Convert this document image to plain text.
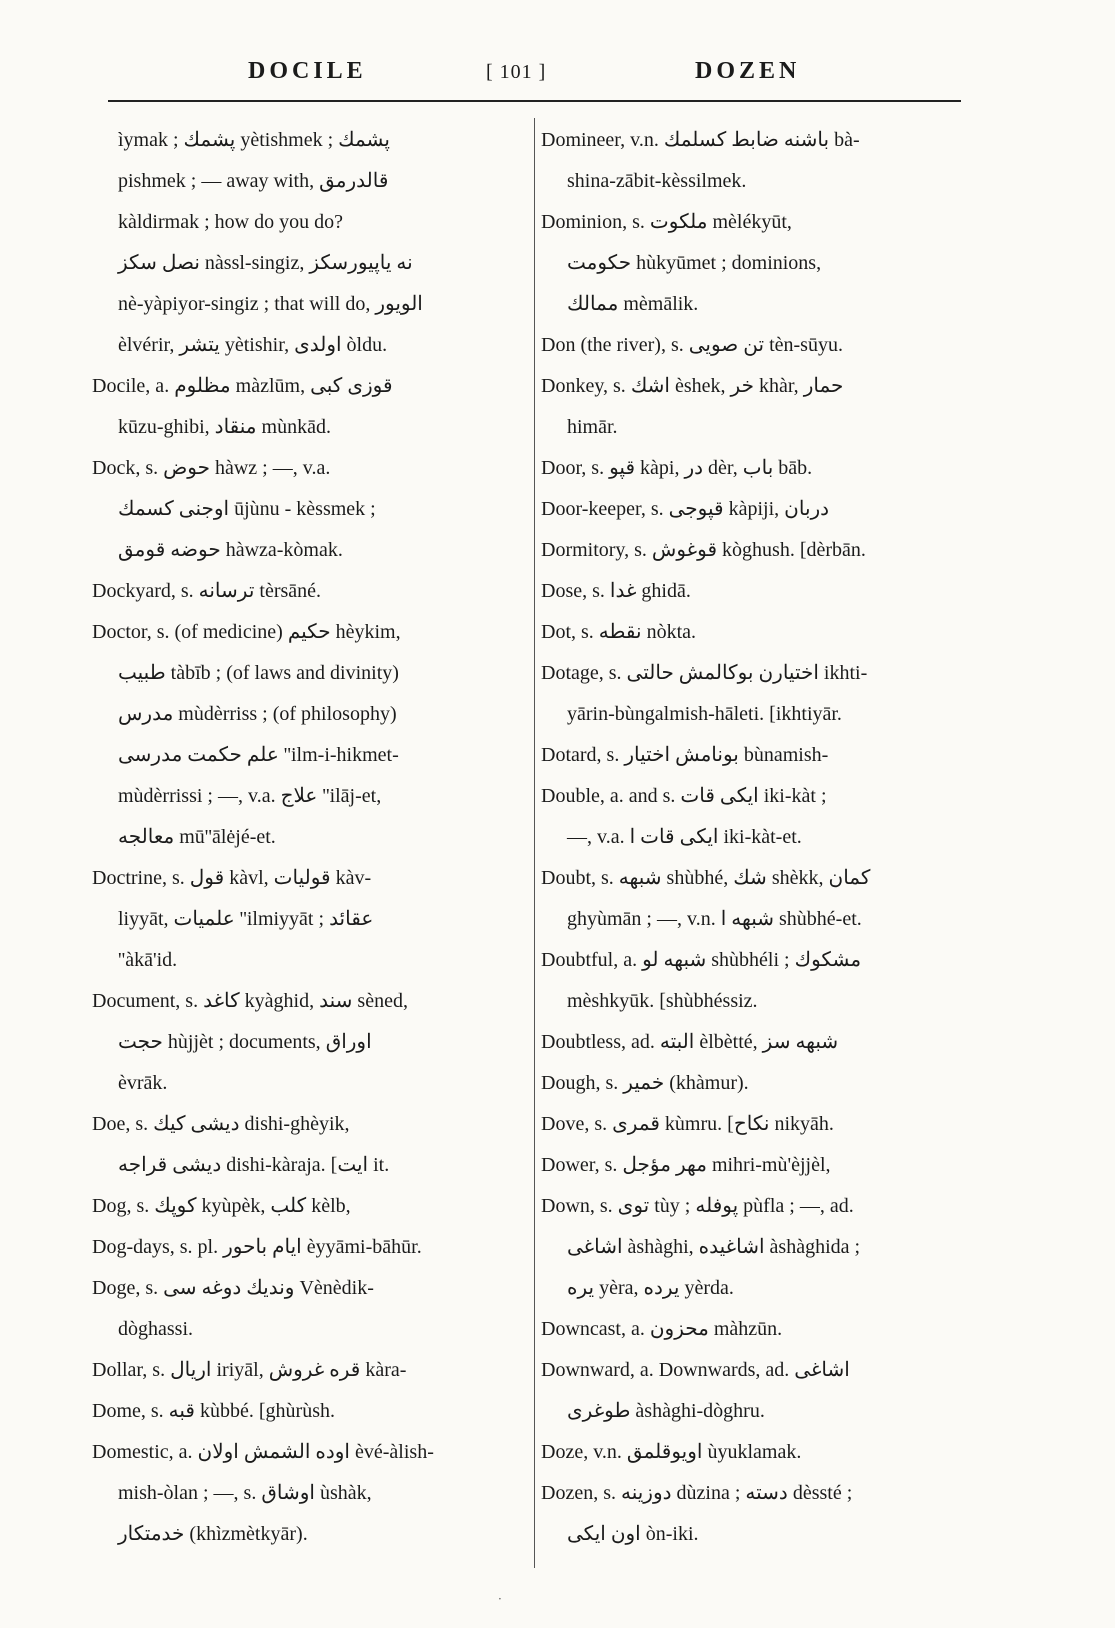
DOCILE	[ 101 ]	DOZEN
ìymak ; پشمك yètishmek ; پشمك
pishmek ; — away with, قالدرمق
kàldirmak ; how do you do?
نصل سكز nàssl-singiz, نه یاپیورسکز
nè-yàpiyor-singiz ; that will do, الويور
èlvérir, یتشر yètishir, اولدی òldu.
Docile, a. مظلوم màzlūm, قوزی کبی
kūzu-ghibi, منقاد mùnkād.
Dock, s. حوض hàwz ; —, v.a.
اوجنی کسمك ūjùnu - kèssmek ;
حوضه قومق hàwza-kòmak.
Dockyard, s. ترسانه tèrsāné.
Doctor, s. (of medicine) حكيم hèykim,
طبيب tàbīb ; (of laws and divinity)
مدرس mùdèrriss ; (of philosophy)
علم حكمت مدرسی ''ilm-i-hikmet-
mùdèrrissi ; —, v.a. علاج ''ilāj-et,
معالجه mū''ālėjé-et.
Doctrine, s. قول kàvl, قولیات kàv-
liyyāt, علمیات ''ilmiyyāt ; عقائد
''àkā'id.
Document, s. كاغد kyàghid, سند sèned,
حجت hùjjèt ; documents, اوراق
èvrāk.
Doe, s. دیشی كیك dishi-ghèyik,
دیشی قراجه dishi-kàraja. [ایت it.
Dog, s. كوپك kyùpèk, كلب kèlb,
Dog-days, s. pl. ایام باحور èyyāmi-bāhūr.
Doge, s. وندیك دوغه سی Vènèdik-
dòghassi.
Dollar, s. اریال iriyāl, قره غروش kàra-
Dome, s. قبه kùbbé. [ghùrùsh.
Domestic, a. اوده الشمش اولان èvé-àlish-
mish-òlan ; —, s. اوشاق ùshàk,
خدمتكار (khìzmètkyār).
Domineer, v.n. باشنه ضابط كسلمك bà-
shina-zābit-kèssilmek.
Dominion, s. ملكوت mèlékyūt,
حكومت hùkyūmet ; dominions,
ممالك mèmālik.
Don (the river), s. تن صویی tèn-sūyu.
Donkey, s. اشك èshek, خر khàr, حمار
himār.
Door, s. قپو kàpi, در dèr, باب bāb.
Door-keeper, s. قپوجی kàpiji, دربان
Dormitory, s. قوغوش kòghush. [dèrbān.
Dose, s. غدا ghidā.
Dot, s. نقطه nòkta.
Dotage, s. اختیارن بوكالمش حالتی ikhti-
yārin-bùngalmish-hāleti. [ikhtiyār.
Dotard, s. بونامش اختیار bùnamish-
Double, a. and s. ایكی قات iki-kàt ;
—, v.a. ایكی قات ا iki-kàt-et.
Doubt, s. شبهه shùbhé, شك shèkk, كمان
ghyùmān ; —, v.n. شبهه ا shùbhé-et.
Doubtful, a. شبهه لو shùbhéli ; مشكوك
mèshkyūk. [shùbhéssiz.
Doubtless, ad. البته èlbètté, شبهه سز
Dough, s. خمیر (khàmur).
Dove, s. قمری kùmru. [نكاح nikyāh.
Dower, s. مهر مؤجل mihri-mù'èjjèl,
Down, s. توی tùy ; پوفله pùfla ; —, ad.
اشاغی àshàghi, اشاغیده àshàghida ;
یره yèra, یرده yèrda.
Downcast, a. محزون màhzūn.
Downward, a. Downwards, ad. اشاغی
طوغری àshàghi-dòghru.
Doze, v.n. اویوقلمق ùyuklamak.
Dozen, s. دوزینه dùzina ; دسته dèssté ;
اون ایكی òn-iki.
·
